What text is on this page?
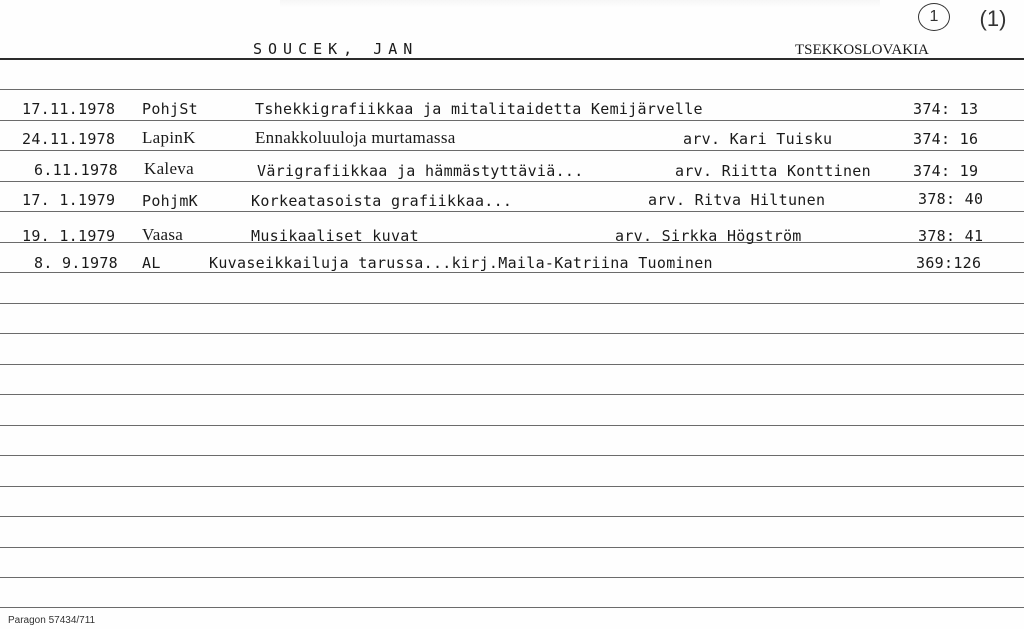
SOUCEK, JAN	TSEKKOSLOVAKIA
1	(1)
17.11.1978 PohjSt	Tshekkigrafiikkaa ja mitalitaidetta Kemijärvelle	374: 13
24.11.1978 LapinK	Ennakkoluuloja murtamassa	arv. Kari Tuisku	374: 16
6.11.1978 Kaleva	Värigrafiikkaa ja hämmästyttäviä...	arv. Riitta Konttinen	374: 19
17. 1.1979 PohjmK	Korkeatasoista grafiikkaa...	arv. Ritva Hiltunen	378: 40
19. 1.1979 Vaasa	Musikaaliset kuvat	arv. Sirkka Högström	378: 41
8. 9.1978 AL	Kuvaseikkailuja tarussa...kirj.Maila-Katriina Tuominen	369:126
Paragon 57434/711
